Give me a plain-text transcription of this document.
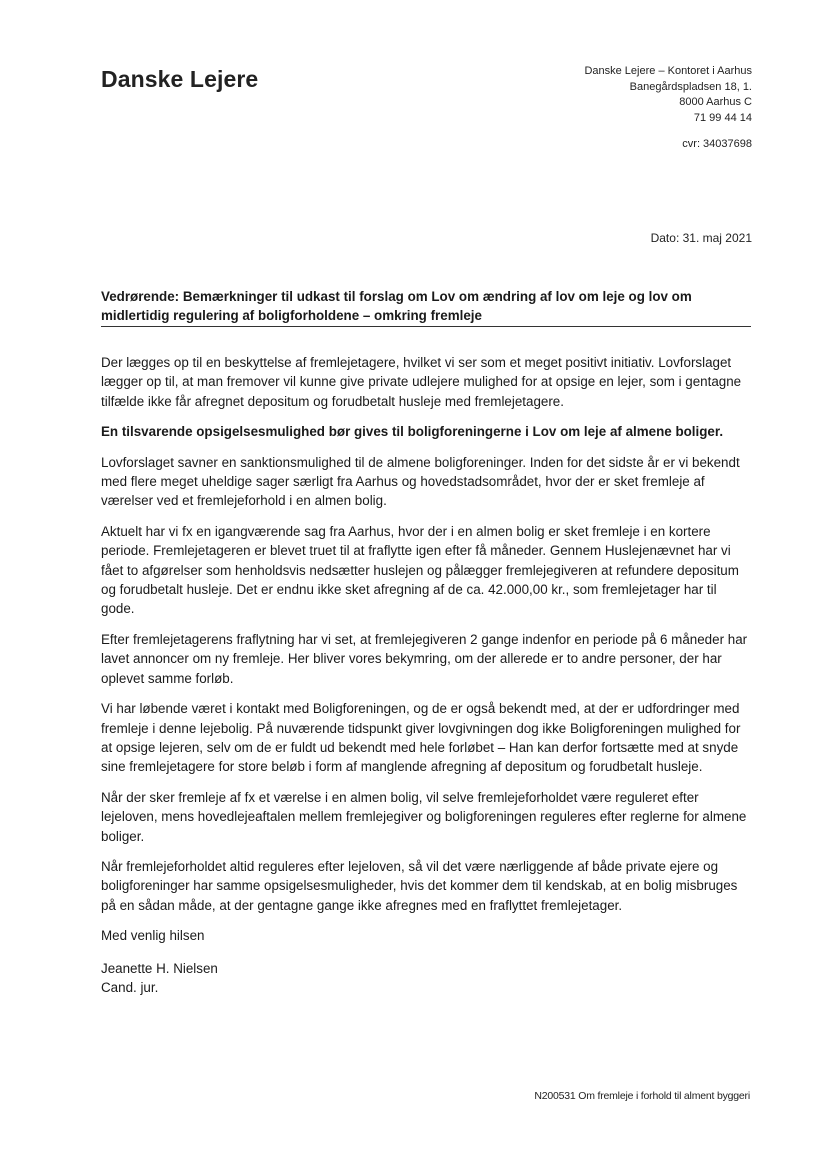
Danske Lejere	Danske Lejere – Kontoret i Aarhus
Banegårdspladsen 18, 1.
8000 Aarhus C
71 99 44 14
cvr: 34037698
Dato: 31. maj 2021
Vedrørende: Bemærkninger til udkast til forslag om Lov om ændring af lov om leje og lov om midlertidig regulering af boligforholdene – omkring fremleje

Der lægges op til en beskyttelse af fremlejetagere, hvilket vi ser som et meget positivt initiativ. Lovforslaget lægger op til, at man fremover vil kunne give private udlejere mulighed for at opsige en lejer, som i gentagne tilfælde ikke får afregnet depositum og forudbetalt husleje med fremlejetagere.

En tilsvarende opsigelsesmulighed bør gives til boligforeningerne i Lov om leje af almene boliger.

Lovforslaget savner en sanktionsmulighed til de almene boligforeninger. Inden for det sidste år er vi bekendt med flere meget uheldige sager særligt fra Aarhus og hovedstadsområdet, hvor der er sket fremleje af værelser ved et fremlejeforhold i en almen bolig.

Aktuelt har vi fx en igangværende sag fra Aarhus, hvor der i en almen bolig er sket fremleje i en kortere periode. Fremlejetageren er blevet truet til at fraflytte igen efter få måneder. Gennem Huslejenævnet har vi fået to afgørelser som henholdsvis nedsætter huslejen og pålægger fremlejegiveren at refundere depositum og forudbetalt husleje. Det er endnu ikke sket afregning af de ca. 42.000,00 kr., som fremlejetager har til gode.

Efter fremlejetagerens fraflytning har vi set, at fremlejegiveren 2 gange indenfor en periode på 6 måneder har lavet annoncer om ny fremleje. Her bliver vores bekymring, om der allerede er to andre personer, der har oplevet samme forløb.

Vi har løbende været i kontakt med Boligforeningen, og de er også bekendt med, at der er udfordringer med fremleje i denne lejebolig. På nuværende tidspunkt giver lovgivningen dog ikke Boligforeningen mulighed for at opsige lejeren, selv om de er fuldt ud bekendt med hele forløbet – Han kan derfor fortsætte med at snyde sine fremlejetagere for store beløb i form af manglende afregning af depositum og forudbetalt husleje.

Når der sker fremleje af fx et værelse i en almen bolig, vil selve fremlejeforholdet være reguleret efter lejeloven, mens hovedlejeaftalen mellem fremlejegiver og boligforeningen reguleres efter reglerne for almene boliger.

Når fremlejeforholdet altid reguleres efter lejeloven, så vil det være nærliggende af både private ejere og boligforeninger har samme opsigelsesmuligheder, hvis det kommer dem til kendskab, at en bolig misbruges på en sådan måde, at der gentagne gange ikke afregnes med en fraflyttet fremlejetager.

Med venlig hilsen

Jeanette H. Nielsen
Cand. jur.
N200531 Om fremleje i forhold til alment byggeri
